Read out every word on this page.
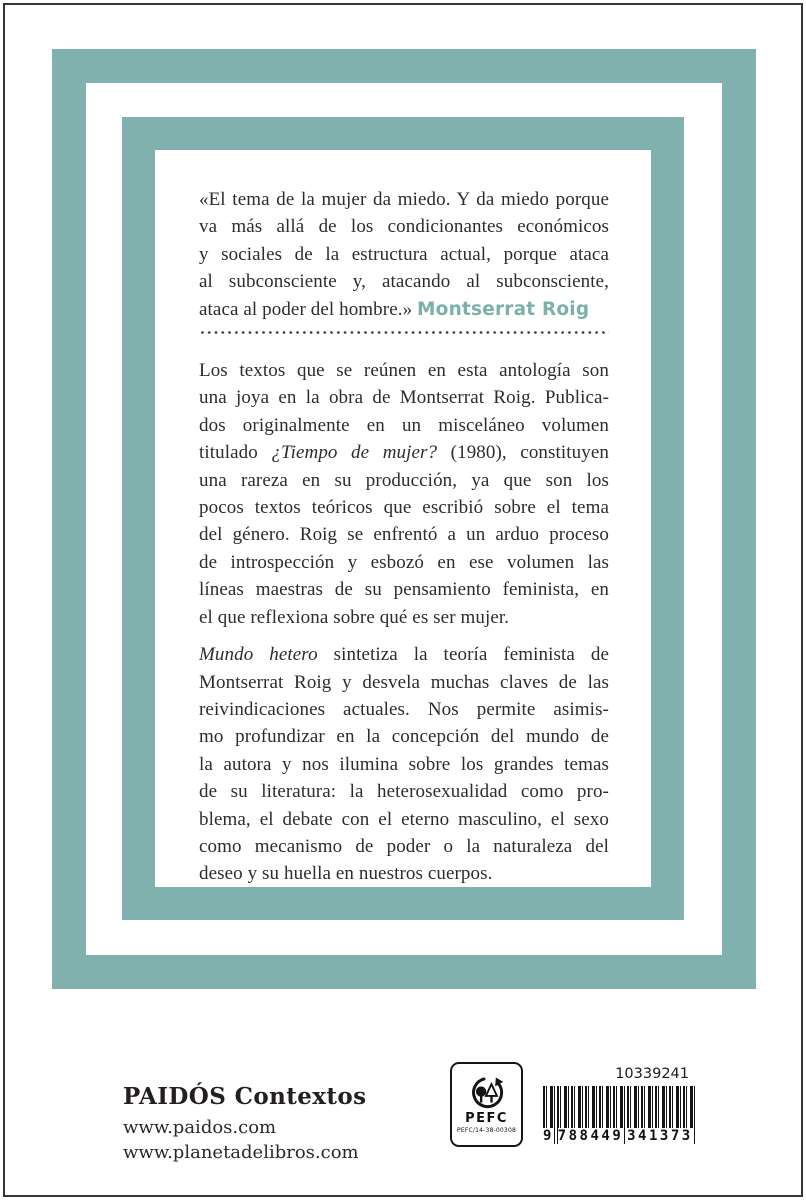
«El tema de la mujer da miedo. Y da miedo porque
va más allá de los condicionantes económicos
y sociales de la estructura actual, porque ataca
al subconsciente y, atacando al subconsciente,
ataca al poder del hombre.» Montserrat Roig
Los textos que se reúnen en esta antología son
una joya en la obra de Montserrat Roig. Publica-
dos originalmente en un misceláneo volumen
titulado ¿Tiempo de mujer? (1980), constituyen
una rareza en su producción, ya que son los
pocos textos teóricos que escribió sobre el tema
del género. Roig se enfrentó a un arduo proceso
de introspección y esbozó en ese volumen las
líneas maestras de su pensamiento feminista, en
el que reflexiona sobre qué es ser mujer.
Mundo hetero sintetiza la teoría feminista de
Montserrat Roig y desvela muchas claves de las
reivindicaciones actuales. Nos permite asimis-
mo profundizar en la concepción del mundo de
la autora y nos ilumina sobre los grandes temas
de su literatura: la heterosexualidad como pro-
blema, el debate con el eterno masculino, el sexo
como mecanismo de poder o la naturaleza del
deseo y su huella en nuestros cuerpos.
PAIDÓS Contextos
www.paidos.com
www.planetadelibros.com
PEFC
PEFC/14-38-00308
10339241
9 788449 341373
